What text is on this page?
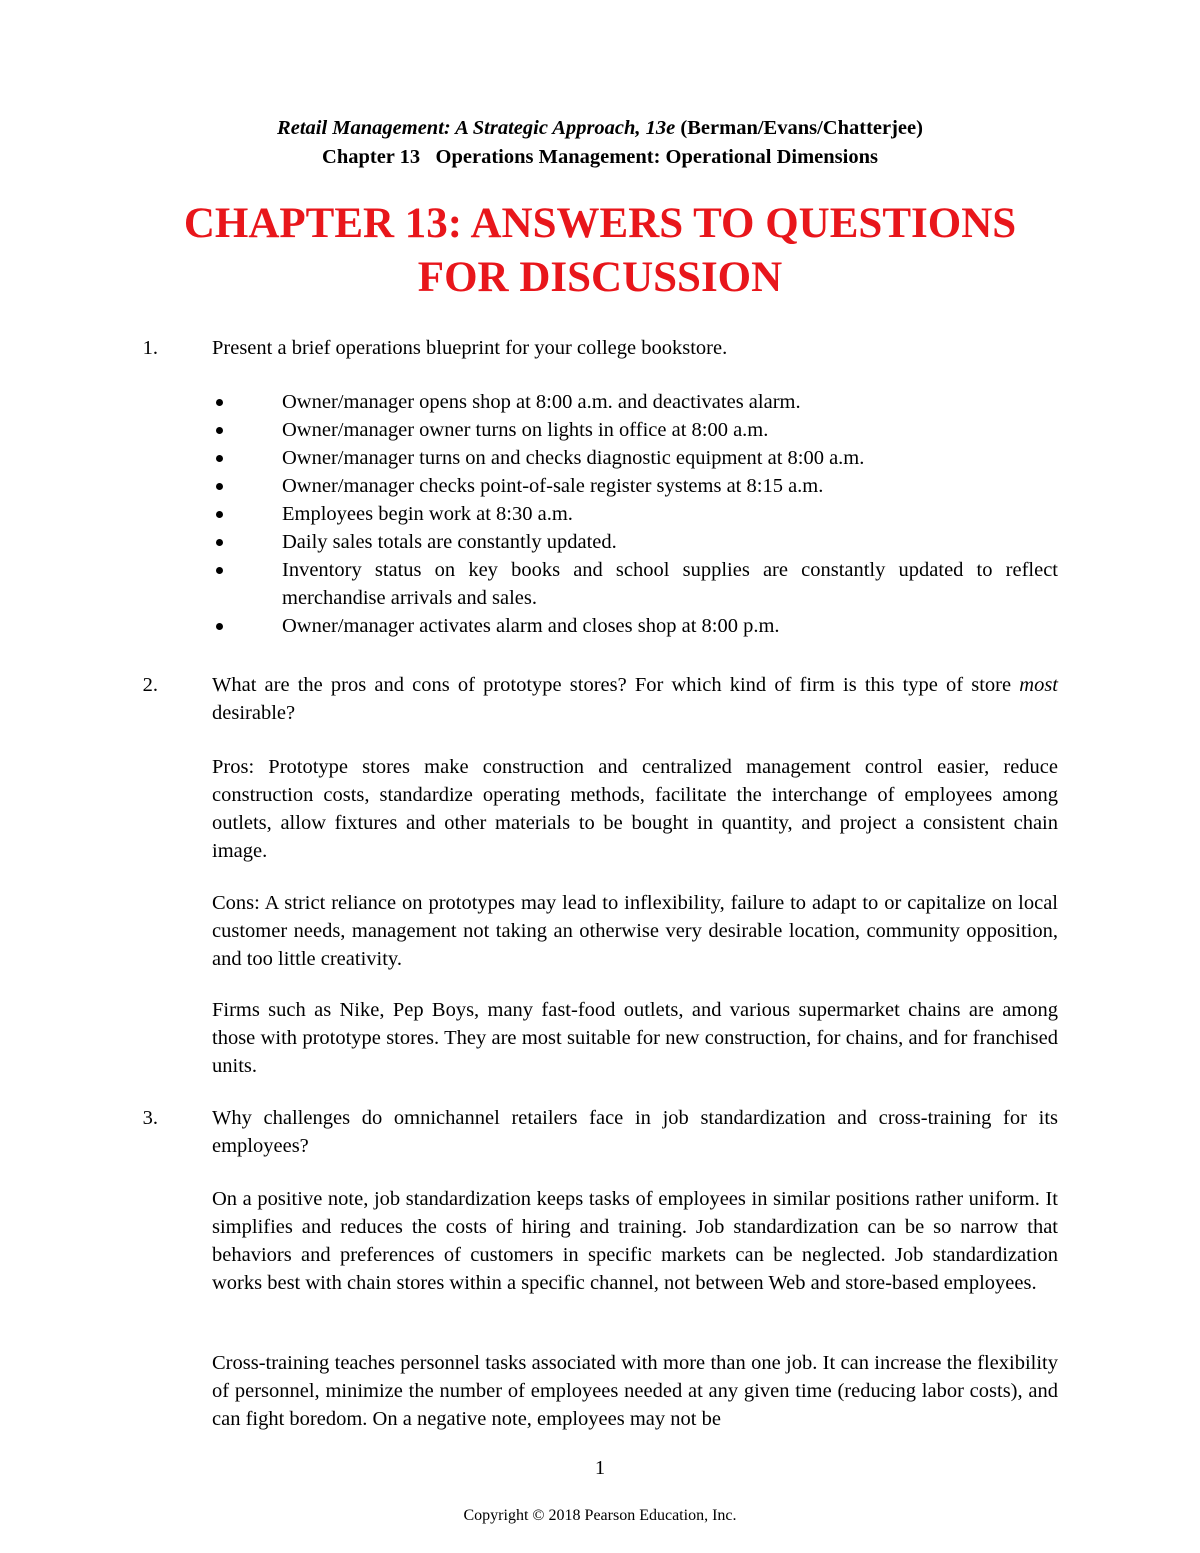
Retail Management: A Strategic Approach, 13e (Berman/Evans/Chatterjee)
Chapter 13   Operations Management: Operational Dimensions
CHAPTER 13: ANSWERS TO QUESTIONS
FOR DISCUSSION
1.	Present a brief operations blueprint for your college bookstore.
Owner/manager opens shop at 8:00 a.m. and deactivates alarm.
Owner/manager owner turns on lights in office at 8:00 a.m.
Owner/manager turns on and checks diagnostic equipment at 8:00 a.m.
Owner/manager checks point-of-sale register systems at 8:15 a.m.
Employees begin work at 8:30 a.m.
Daily sales totals are constantly updated.
Inventory status on key books and school supplies are constantly updated to reflect merchandise arrivals and sales.
Owner/manager activates alarm and closes shop at 8:00 p.m.
2.	What are the pros and cons of prototype stores? For which kind of firm is this type of store most desirable?
Pros: Prototype stores make construction and centralized management control easier, reduce construction costs, standardize operating methods, facilitate the interchange of employees among outlets, allow fixtures and other materials to be bought in quantity, and project a consistent chain image.
Cons: A strict reliance on prototypes may lead to inflexibility, failure to adapt to or capitalize on local customer needs, management not taking an otherwise very desirable location, community opposition, and too little creativity.
Firms such as Nike, Pep Boys, many fast-food outlets, and various supermarket chains are among those with prototype stores. They are most suitable for new construction, for chains, and for franchised units.
3.	Why challenges do omnichannel retailers face in job standardization and cross-training for its employees?
On a positive note, job standardization keeps tasks of employees in similar positions rather uniform. It simplifies and reduces the costs of hiring and training. Job standardization can be so narrow that behaviors and preferences of customers in specific markets can be neglected. Job standardization works best with chain stores within a specific channel, not between Web and store-based employees.
Cross-training teaches personnel tasks associated with more than one job. It can increase the flexibility of personnel, minimize the number of employees needed at any given time (reducing labor costs), and can fight boredom. On a negative note, employees may not be
1
Copyright © 2018 Pearson Education, Inc.
